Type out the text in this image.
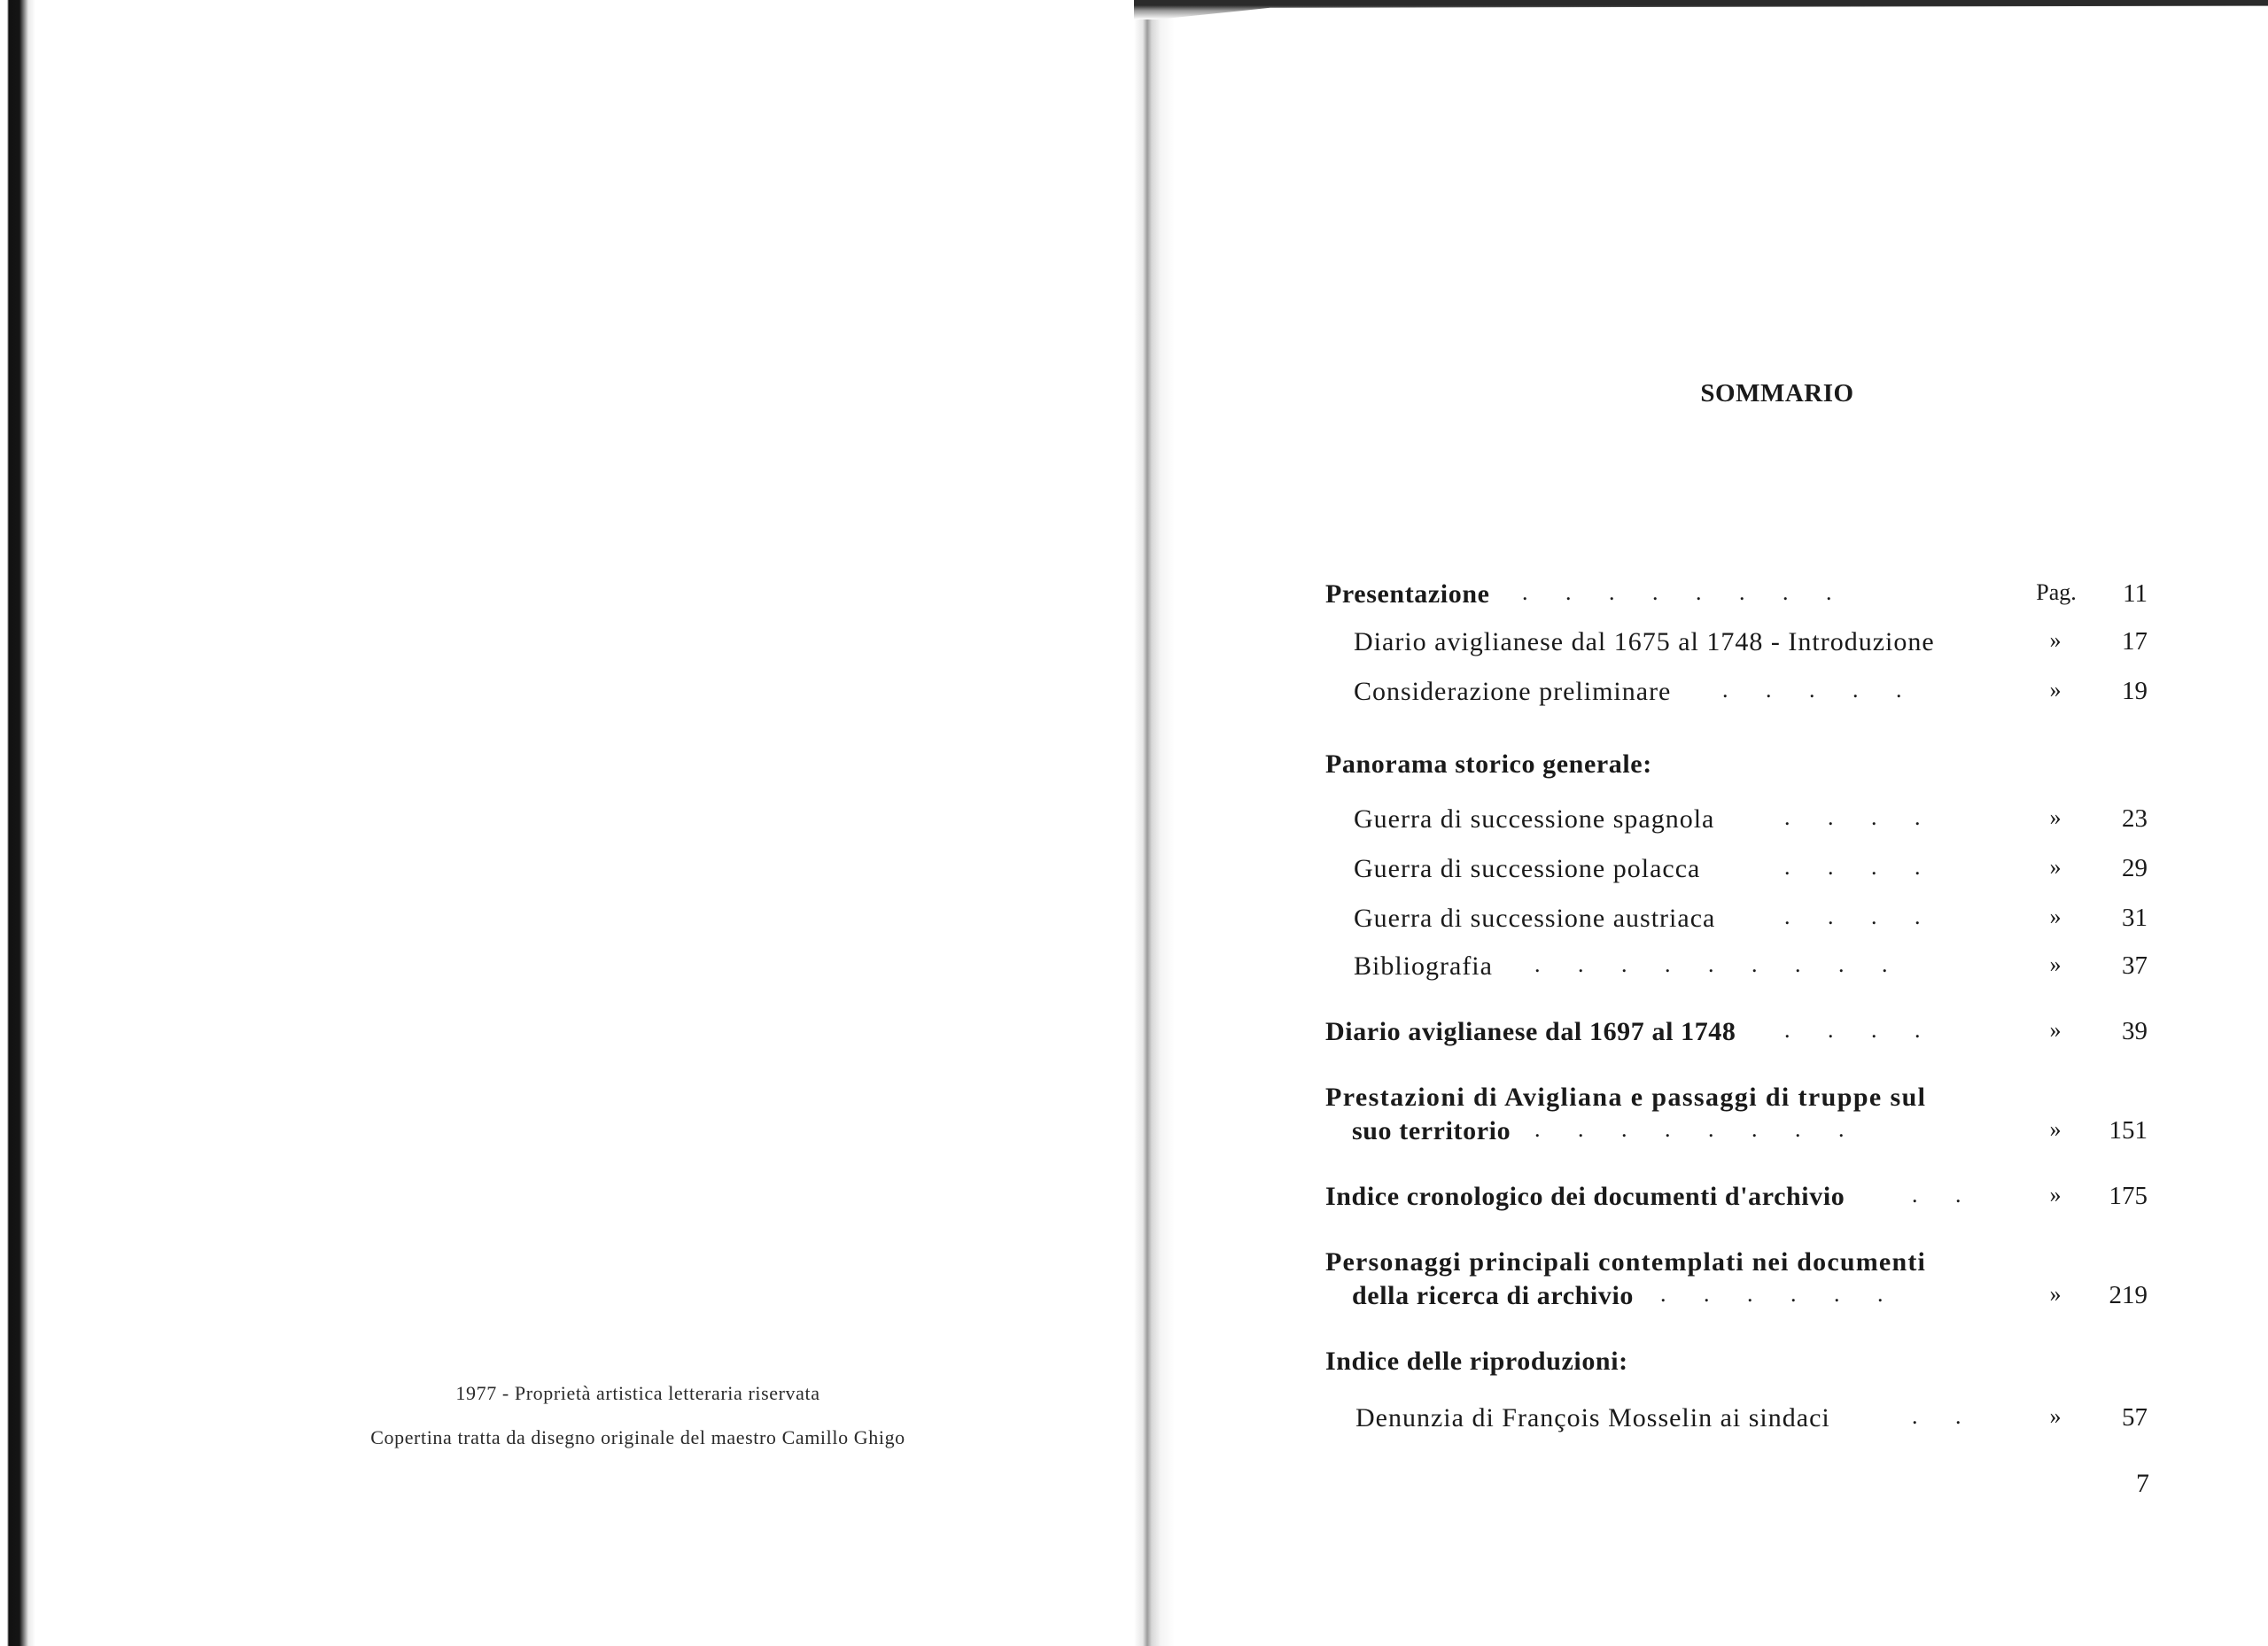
1977 - Proprietà artistica letteraria riservata
Copertina tratta da disegno originale del maestro Camillo Ghigo
SOMMARIO
Presentazione . . . . . . . .	Pag.	11
Diario aviglianese dal 1675 al 1748 - Introduzione	»	17
Considerazione preliminare . . . . .	»	19
Panorama storico generale:
Guerra di successione spagnola	. . . .	»	23
Guerra di successione polacca	. . . .	»	29
Guerra di successione austriaca	. . . .	»	31
Bibliografia . . . . . . . . .	»	37
Diario aviglianese dal 1697 al 1748 . . . .	»	39
Prestazioni di Avigliana e passaggi di truppe sul
suo territorio . . . . . . . .	»	151
Indice cronologico dei documenti d'archivio	. .	»	175
Personaggi principali contemplati nei documenti
della ricerca di archivio . . . . . .	»	219
Indice delle riproduzioni:
Denunzia di François Mosselin ai sindaci	. .	»	57
7
